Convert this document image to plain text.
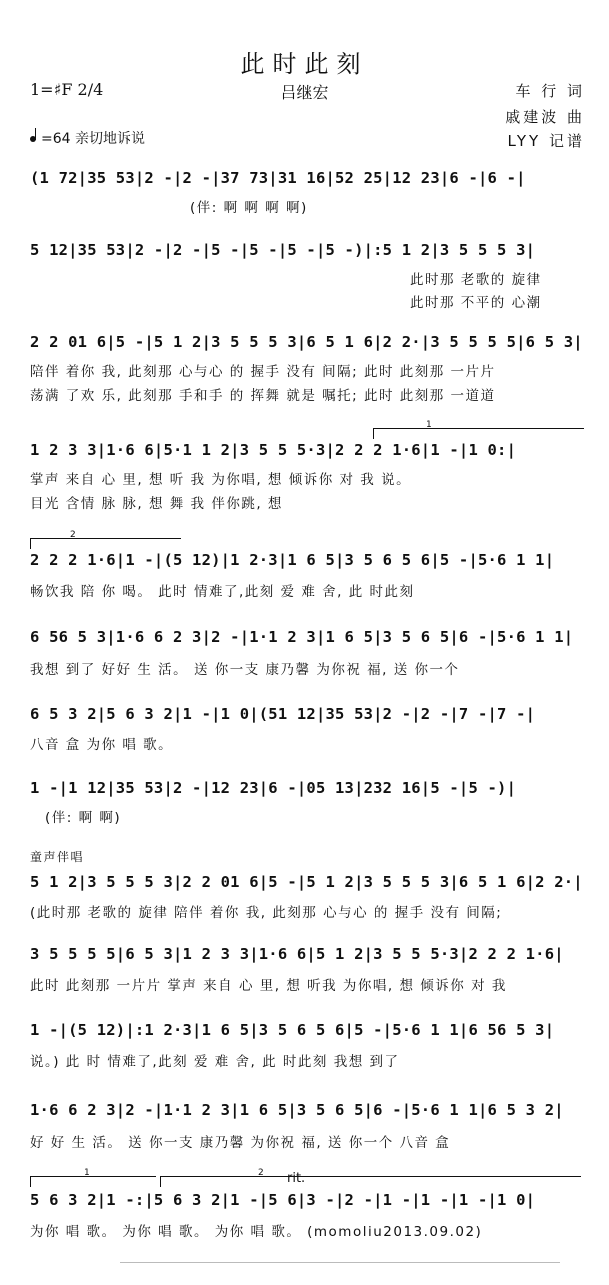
此时此刻
1=♯F 2/4	吕继宏	车 行 词
戚建波 曲
LYY 记谱
=64 亲切地诉说
童声伴唱
rit.
1
2
1	2
(1 72|35 53|2 -|2 -|37 73|31 16|52 25|12 23|6 -|6 -|
(伴: 啊 啊 啊 啊)
5 12|35 53|2 -|2 -|5 -|5 -|5 -|5 -)|:5 1 2|3 5 5 5 3|
此时那 老歌的 旋律
此时那 不平的 心潮
2 2 01 6|5 -|5 1 2|3 5 5 5 3|6 5 1 6|2 2·|3 5 5 5 5|6 5 3|
陪伴 着你 我, 此刻那 心与心 的 握手 没有 间隔; 此时 此刻那 一片片
荡满 了欢 乐, 此刻那 手和手 的 挥舞 就是 嘱托; 此时 此刻那 一道道
1 2 3 3|1·6 6|5·1 1 2|3 5 5 5·3|2 2 2 1·6|1 -|1 0:|
掌声 来自 心 里, 想 听 我 为你唱, 想 倾诉你 对 我 说。
目光 含情 脉 脉, 想 舞 我 伴你跳, 想
2 2 2 1·6|1 -|(5 12)|1 2·3|1 6 5|3 5 6 5 6|5 -|5·6 1 1|
畅饮我 陪 你 喝。 此时 情难了,此刻 爱 难 舍, 此 时此刻
6 56 5 3|1·6 6 2 3|2 -|1·1 2 3|1 6 5|3 5 6 5|6 -|5·6 1 1|
我想 到了 好好 生 活。 送 你一支 康乃馨 为你祝 福, 送 你一个
6 5 3 2|5 6 3 2|1 -|1 0|(51 12|35 53|2 -|2 -|7 -|7 -|
八音 盒 为你 唱 歌。
1 -|1 12|35 53|2 -|12 23|6 -|05 13|232 16|5 -|5 -)|
(伴: 啊 啊)
5 1 2|3 5 5 5 3|2 2 01 6|5 -|5 1 2|3 5 5 5 3|6 5 1 6|2 2·|
(此时那 老歌的 旋律 陪伴 着你 我, 此刻那 心与心 的 握手 没有 间隔;
3 5 5 5 5|6 5 3|1 2 3 3|1·6 6|5 1 2|3 5 5 5·3|2 2 2 1·6|
此时 此刻那 一片片 掌声 来自 心 里, 想 听我 为你唱, 想 倾诉你 对 我
1 -|(5 12)|:1 2·3|1 6 5|3 5 6 5 6|5 -|5·6 1 1|6 56 5 3|
说。) 此 时 情难了,此刻 爱 难 舍, 此 时此刻 我想 到了
1·6 6 2 3|2 -|1·1 2 3|1 6 5|3 5 6 5|6 -|5·6 1 1|6 5 3 2|
好 好 生 活。 送 你一支 康乃馨 为你祝 福, 送 你一个 八音 盒
5 6 3 2|1 -:|5 6 3 2|1 -|5 6|3 -|2 -|1 -|1 -|1 -|1 0|
为你 唱 歌。 为你 唱 歌。 为你 唱 歌。 (momoliu2013.09.02)
